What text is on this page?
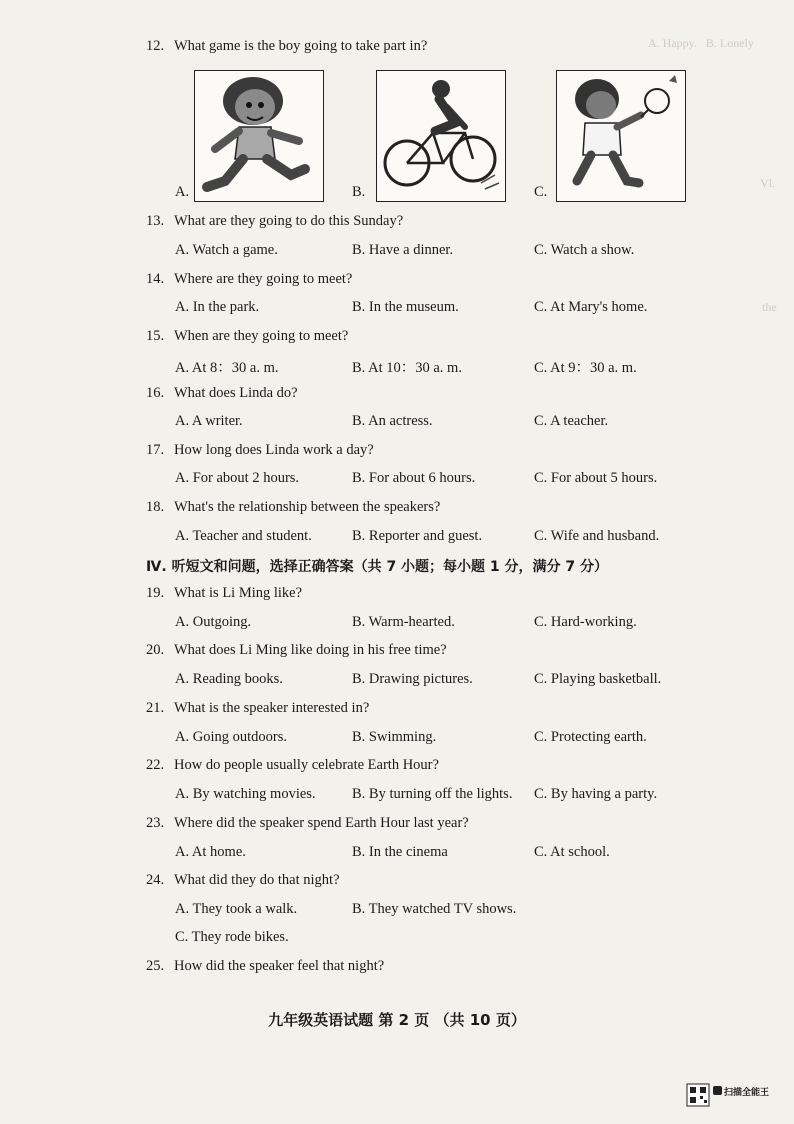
A. Happy.   B. Lonely
Vl.
the
12. What game is the boy going to take part in?
A.	B.	C.
13. What are they going to do this Sunday?
A. Watch a game.	B. Have a dinner.	C. Watch a show.
14. Where are they going to meet?
A. In the park.	B. In the museum.	C. At Mary's home.
15. When are they going to meet?
A. At 8：30 a. m.	B. At 10：30 a. m.	C. At 9：30 a. m.
16. What does Linda do?
A. A writer.	B. An actress.	C. A teacher.
17. How long does Linda work a day?
A. For about 2 hours.	B. For about 6 hours.	C. For about 5 hours.
18. What's the relationship between the speakers?
A. Teacher and student.	B. Reporter and guest.	C. Wife and husband.
Ⅳ. 听短文和问题，选择正确答案（共 7 小题；每小题 1 分，满分 7 分）
19. What is Li Ming like?
A. Outgoing.	B. Warm-hearted.	C. Hard-working.
20. What does Li Ming like doing in his free time?
A. Reading books.	B. Drawing pictures.	C. Playing basketball.
21. What is the speaker interested in?
A. Going outdoors.	B. Swimming.	C. Protecting earth.
22. How do people usually celebrate Earth Hour?
A. By watching movies.	B. By turning off the lights. C. By having a party.
23. Where did the speaker spend Earth Hour last year?
A. At home.	B. In the cinema	C. At school.
24. What did they do that night?
A. They took a walk.	B. They watched TV shows.
C. They rode bikes.
25. How did the speaker feel that night?
九年级英语试题 第 2 页 （共 10 页）
扫描全能王
